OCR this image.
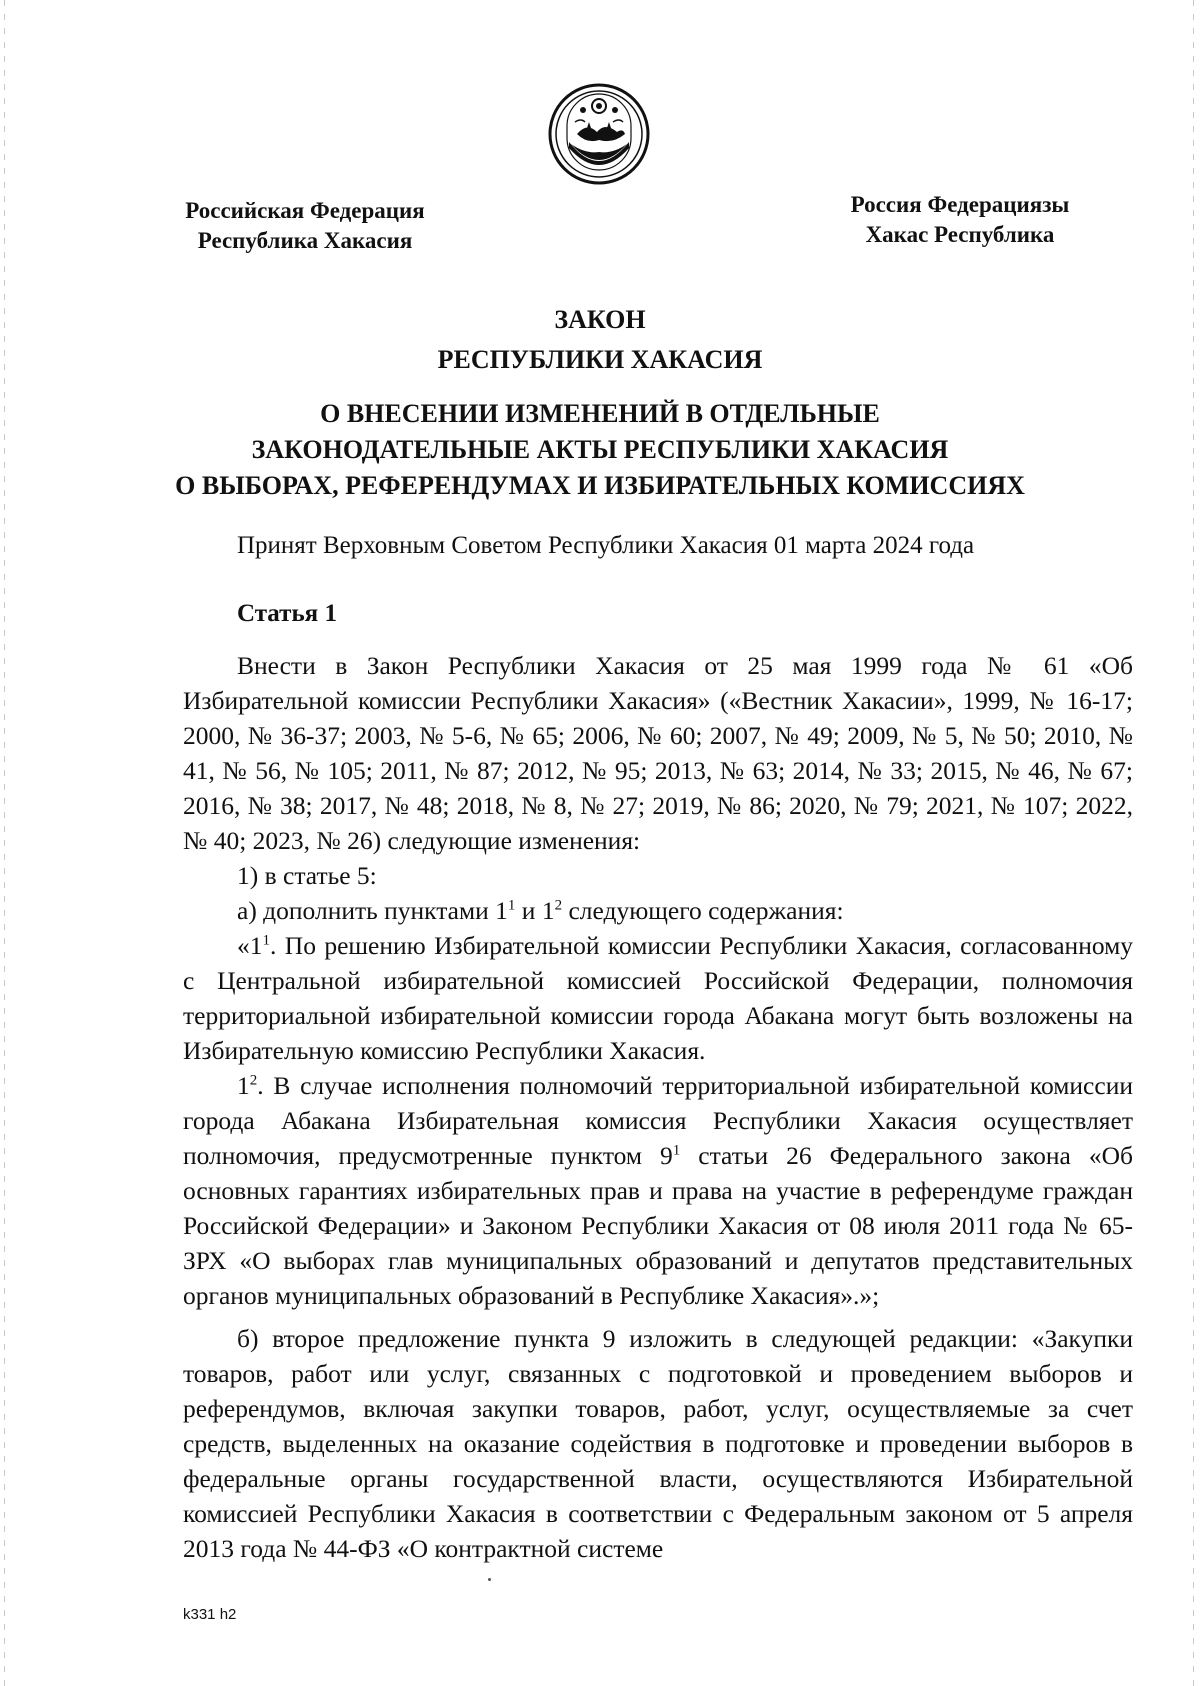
Российская Федерация
Республика Хакасия
Россия Федерациязы
Хакас Республика
ЗАКОН
РЕСПУБЛИКИ ХАКАСИЯ
О ВНЕСЕНИИ ИЗМЕНЕНИЙ В ОТДЕЛЬНЫЕ
ЗАКОНОДАТЕЛЬНЫЕ АКТЫ РЕСПУБЛИКИ ХАКАСИЯ
О ВЫБОРАХ, РЕФЕРЕНДУМАХ И ИЗБИРАТЕЛЬНЫХ КОМИССИЯХ
Принят Верховным Советом Республики Хакасия 01 марта 2024 года
Статья 1

Внести в Закон Республики Хакасия от 25 мая 1999 года № 61 «Об Избирательной комиссии Республики Хакасия» («Вестник Хакасии», 1999, № 16-17; 2000, № 36-37; 2003, № 5-6, № 65; 2006, № 60; 2007, № 49; 2009, № 5, № 50; 2010, № 41, № 56, № 105; 2011, № 87; 2012, № 95; 2013, № 63; 2014, № 33; 2015, № 46, № 67; 2016, № 38; 2017, № 48; 2018, № 8, № 27; 2019, № 86; 2020, № 79; 2021, № 107; 2022, № 40; 2023, № 26) следующие изменения:

1) в статье 5:

а) дополнить пунктами $1^1$ и $1^2$ следующего содержания:

«$1^1$. По решению Избирательной комиссии Республики Хакасия, согласованному с Центральной избирательной комиссией Российской Федерации, полномочия территориальной избирательной комиссии города Абакана могут быть возложены на Избирательную комиссию Республики Хакасия.

$1^2$. В случае исполнения полномочий территориальной избирательной комиссии города Абакана Избирательная комиссия Республики Хакасия осуществляет полномочия, предусмотренные пунктом $9^1$ статьи 26 Федерального закона «Об основных гарантиях избирательных прав и права на участие в референдуме граждан Российской Федерации» и Законом Республики Хакасия от 08 июля 2011 года № 65-ЗРХ «О выборах глав муниципальных образований и депутатов представительных органов муниципальных образований в Республике Хакасия».»;

б) второе предложение пункта 9 изложить в следующей редакции: «Закупки товаров, работ или услуг, связанных с подготовкой и проведением выборов и референдумов, включая закупки товаров, работ, услуг, осуществляемые за счет средств, выделенных на оказание содействия в подготовке и проведении выборов в федеральные органы государственной власти, осуществляются Избирательной комиссией Республики Хакасия в соответствии с Федеральным законом от 5 апреля 2013 года № 44-ФЗ «О контрактной системе

k331 h2
